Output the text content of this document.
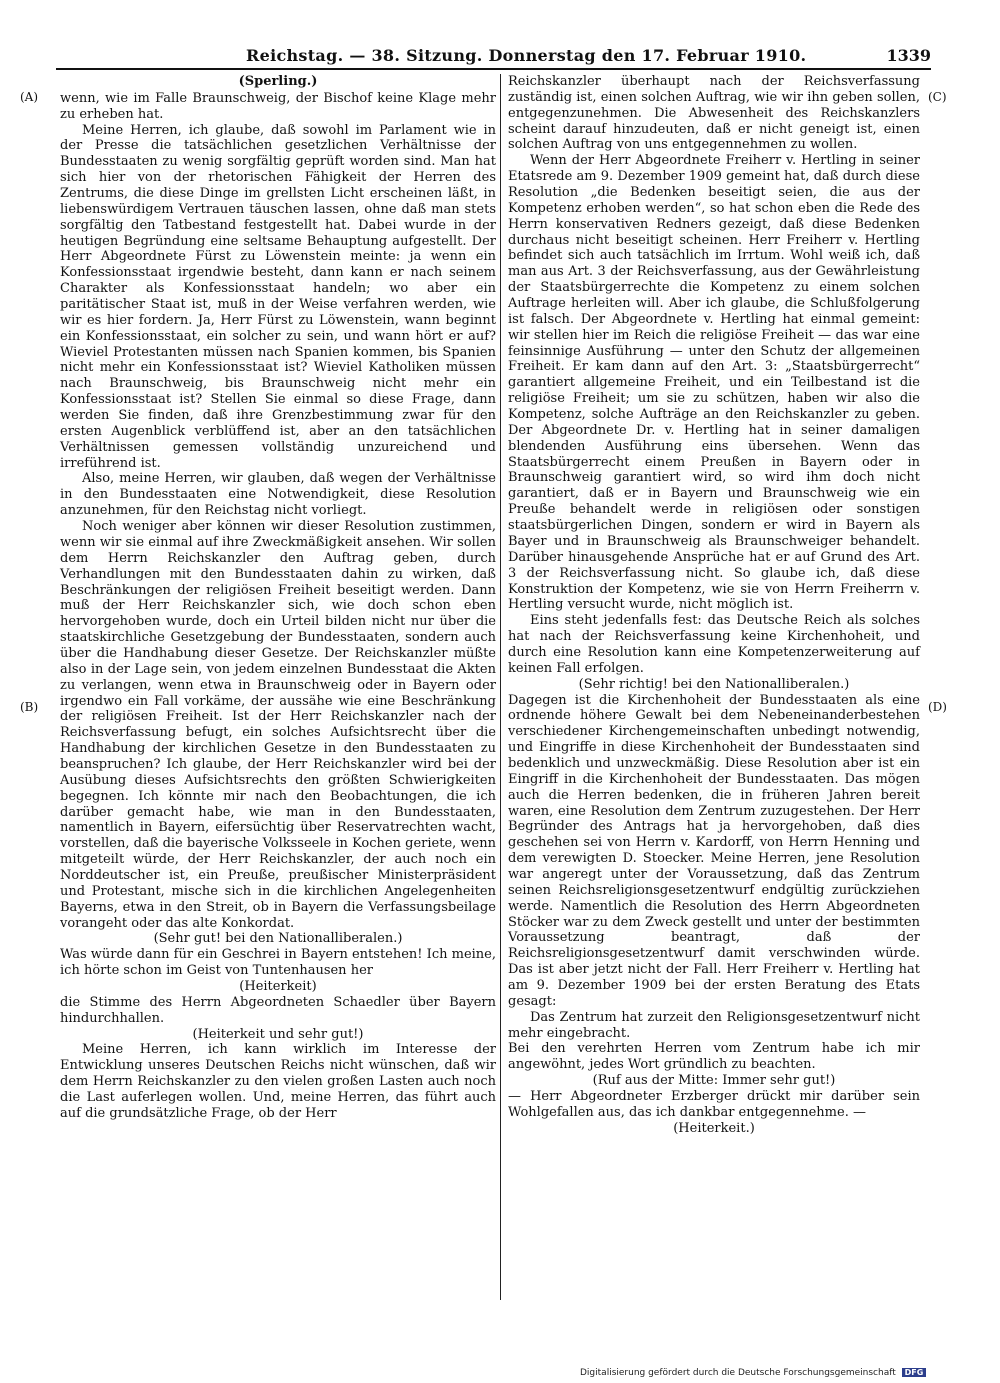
Reichstag. — 38. Sitzung. Donnerstag den 17. Februar 1910.	1339
(A)
(B)
(C)
(D)

(Sperling.)

wenn, wie im Falle Braunschweig, der Bischof keine Klage mehr zu erheben hat.

Meine Herren, ich glaube, daß sowohl im Parlament wie in der Presse die tatsächlichen gesetzlichen Verhältnisse der Bundesstaaten zu wenig sorgfältig geprüft worden sind. Man hat sich hier von der rhetorischen Fähigkeit der Herren des Zentrums, die diese Dinge im grellsten Licht erscheinen läßt, in liebenswürdigem Vertrauen täuschen lassen, ohne daß man stets sorgfältig den Tatbestand festgestellt hat. Dabei wurde in der heutigen Begründung eine seltsame Behauptung aufgestellt. Der Herr Abgeordnete Fürst zu Löwenstein meinte: ja wenn ein Konfessionsstaat irgendwie besteht, dann kann er nach seinem Charakter als Konfessionsstaat handeln; wo aber ein paritätischer Staat ist, muß in der Weise verfahren werden, wie wir es hier fordern. Ja, Herr Fürst zu Löwenstein, wann beginnt ein Konfessionsstaat, ein solcher zu sein, und wann hört er auf? Wieviel Protestanten müssen nach Spanien kommen, bis Spanien nicht mehr ein Konfessionsstaat ist? Wieviel Katholiken müssen nach Braunschweig, bis Braunschweig nicht mehr ein Konfessionsstaat ist? Stellen Sie einmal so diese Frage, dann werden Sie finden, daß ihre Grenzbestimmung zwar für den ersten Augenblick verblüffend ist, aber an den tatsächlichen Verhältnissen gemessen vollständig unzureichend und irreführend ist.

Also, meine Herren, wir glauben, daß wegen der Verhältnisse in den Bundesstaaten eine Notwendigkeit, diese Resolution anzunehmen, für den Reichstag nicht vorliegt.

Noch weniger aber können wir dieser Resolution zustimmen, wenn wir sie einmal auf ihre Zweckmäßigkeit ansehen. Wir sollen dem Herrn Reichskanzler den Auftrag geben, durch Verhandlungen mit den Bundesstaaten dahin zu wirken, daß Beschränkungen der religiösen Freiheit beseitigt werden. Dann muß der Herr Reichskanzler sich, wie doch schon eben hervorgehoben wurde, doch ein Urteil bilden nicht nur über die staatskirchliche Gesetzgebung der Bundesstaaten, sondern auch über die Handhabung dieser Gesetze. Der Reichskanzler müßte also in der Lage sein, von jedem einzelnen Bundesstaat die Akten zu verlangen, wenn etwa in Braunschweig oder in Bayern oder irgendwo ein Fall vorkäme, der aussähe wie eine Beschränkung der religiösen Freiheit. Ist der Herr Reichskanzler nach der Reichsverfassung befugt, ein solches Aufsichtsrecht über die Handhabung der kirchlichen Gesetze in den Bundesstaaten zu beanspruchen? Ich glaube, der Herr Reichskanzler wird bei der Ausübung dieses Aufsichtsrechts den größten Schwierigkeiten begegnen. Ich könnte mir nach den Beobachtungen, die ich darüber gemacht habe, wie man in den Bundesstaaten, namentlich in Bayern, eifersüchtig über Reservatrechten wacht, vorstellen, daß die bayerische Volksseele in Kochen geriete, wenn mitgeteilt würde, der Herr Reichskanzler, der auch noch ein Norddeutscher ist, ein Preuße, preußischer Ministerpräsident und Protestant, mische sich in die kirchlichen Angelegenheiten Bayerns, etwa in den Streit, ob in Bayern die Verfassungsbeilage vorangeht oder das alte Konkordat.

(Sehr gut! bei den Nationalliberalen.)

Was würde dann für ein Geschrei in Bayern entstehen! Ich meine, ich hörte schon im Geist von Tuntenhausen her

(Heiterkeit)

die Stimme des Herrn Abgeordneten Schaedler über Bayern hindurchhallen.

(Heiterkeit und sehr gut!)

Meine Herren, ich kann wirklich im Interesse der Entwicklung unseres Deutschen Reichs nicht wünschen, daß wir dem Herrn Reichskanzler zu den vielen großen Lasten auch noch die Last auferlegen wollen. Und, meine Herren, das führt auch auf die grundsätzliche Frage, ob der Herr

Reichskanzler überhaupt nach der Reichsverfassung zuständig ist, einen solchen Auftrag, wie wir ihn geben sollen, entgegenzunehmen. Die Abwesenheit des Reichskanzlers scheint darauf hinzudeuten, daß er nicht geneigt ist, einen solchen Auftrag von uns entgegennehmen zu wollen.

Wenn der Herr Abgeordnete Freiherr v. Hertling in seiner Etatsrede am 9. Dezember 1909 gemeint hat, daß durch diese Resolution „die Bedenken beseitigt seien, die aus der Kompetenz erhoben werden“, so hat schon eben die Rede des Herrn konservativen Redners gezeigt, daß diese Bedenken durchaus nicht beseitigt scheinen. Herr Freiherr v. Hertling befindet sich auch tatsächlich im Irrtum. Wohl weiß ich, daß man aus Art. 3 der Reichsverfassung, aus der Gewährleistung der Staatsbürgerrechte die Kompetenz zu einem solchen Auftrage herleiten will. Aber ich glaube, die Schlußfolgerung ist falsch. Der Abgeordnete v. Hertling hat einmal gemeint: wir stellen hier im Reich die religiöse Freiheit — das war eine feinsinnige Ausführung — unter den Schutz der allgemeinen Freiheit. Er kam dann auf den Art. 3: „Staatsbürgerrecht“ garantiert allgemeine Freiheit, und ein Teilbestand ist die religiöse Freiheit; um sie zu schützen, haben wir also die Kompetenz, solche Aufträge an den Reichskanzler zu geben. Der Abgeordnete Dr. v. Hertling hat in seiner damaligen blendenden Ausführung eins übersehen. Wenn das Staatsbürgerrecht einem Preußen in Bayern oder in Braunschweig garantiert wird, so wird ihm doch nicht garantiert, daß er in Bayern und Braunschweig wie ein Preuße behandelt werde in religiösen oder sonstigen staatsbürgerlichen Dingen, sondern er wird in Bayern als Bayer und in Braunschweig als Braunschweiger behandelt. Darüber hinausgehende Ansprüche hat er auf Grund des Art. 3 der Reichsverfassung nicht. So glaube ich, daß diese Konstruktion der Kompetenz, wie sie von Herrn Freiherrn v. Hertling versucht wurde, nicht möglich ist.

Eins steht jedenfalls fest: das Deutsche Reich als solches hat nach der Reichsverfassung keine Kirchenhoheit, und durch eine Resolution kann eine Kompetenzerweiterung auf keinen Fall erfolgen.

(Sehr richtig! bei den Nationalliberalen.)

Dagegen ist die Kirchenhoheit der Bundesstaaten als eine ordnende höhere Gewalt bei dem Nebeneinanderbestehen verschiedener Kirchengemeinschaften unbedingt notwendig, und Eingriffe in diese Kirchenhoheit der Bundesstaaten sind bedenklich und unzweckmäßig. Diese Resolution aber ist ein Eingriff in die Kirchenhoheit der Bundesstaaten. Das mögen auch die Herren bedenken, die in früheren Jahren bereit waren, eine Resolution dem Zentrum zuzugestehen. Der Herr Begründer des Antrags hat ja hervorgehoben, daß dies geschehen sei von Herrn v. Kardorff, von Herrn Henning und dem verewigten D. Stoecker. Meine Herren, jene Resolution war angeregt unter der Voraussetzung, daß das Zentrum seinen Reichsreligionsgesetzentwurf endgültig zurückziehen werde. Namentlich die Resolution des Herrn Abgeordneten Stöcker war zu dem Zweck gestellt und unter der bestimmten Voraussetzung beantragt, daß der Reichsreligionsgesetzentwurf damit verschwinden würde. Das ist aber jetzt nicht der Fall. Herr Freiherr v. Hertling hat am 9. Dezember 1909 bei der ersten Beratung des Etats gesagt:

Das Zentrum hat zurzeit den Religionsgesetzentwurf nicht mehr eingebracht.

Bei den verehrten Herren vom Zentrum habe ich mir angewöhnt, jedes Wort gründlich zu beachten.

(Ruf aus der Mitte: Immer sehr gut!)

— Herr Abgeordneter Erzberger drückt mir darüber sein Wohlgefallen aus, das ich dankbar entgegennehme. —

(Heiterkeit.)

Digitalisierung gefördert durch die Deutsche Forschungsgemeinschaft DFG
